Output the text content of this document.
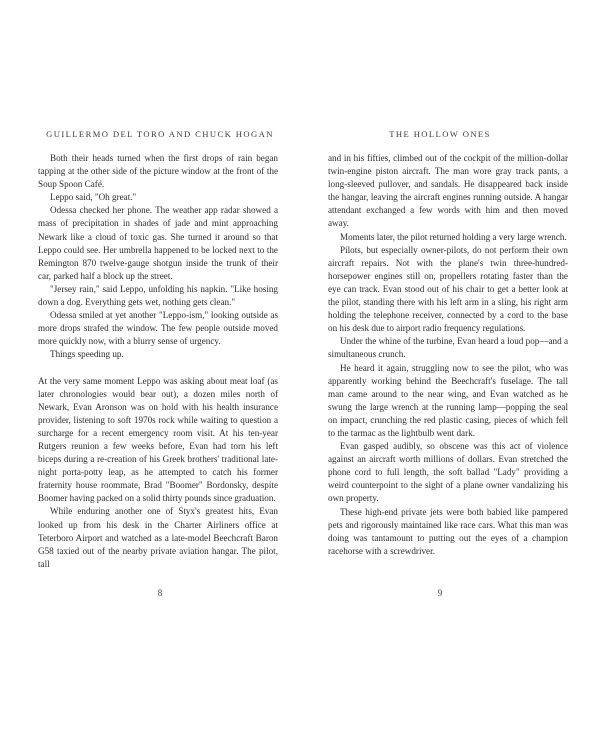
GUILLERMO DEL TORO AND CHUCK HOGAN

Both their heads turned when the first drops of rain began tapping at the other side of the picture window at the front of the Soup Spoon Café.

Leppo said, "Oh great."

Odessa checked her phone. The weather app radar showed a mass of precipitation in shades of jade and mint approaching Newark like a cloud of toxic gas. She turned it around so that Leppo could see. Her umbrella happened to be locked next to the Remington 870 twelve-gauge shotgun inside the trunk of their car, parked half a block up the street.

"Jersey rain," said Leppo, unfolding his napkin. "Like hosing down a dog. Everything gets wet, nothing gets clean."

Odessa smiled at yet another "Leppo-ism," looking outside as more drops strafed the window. The few people outside moved more quickly now, with a blurry sense of urgency.

Things speeding up.

At the very same moment Leppo was asking about meat loaf (as later chronologies would bear out), a dozen miles north of Newark, Evan Aronson was on hold with his health insurance provider, listening to soft 1970s rock while waiting to question a surcharge for a recent emergency room visit. At his ten-year Rutgers reunion a few weeks before, Evan had torn his left biceps during a re-creation of his Greek brothers' traditional late-night porta-potty leap, as he attempted to catch his former fraternity house roommate, Brad "Boomer" Bordonsky, despite Boomer having packed on a solid thirty pounds since graduation.

While enduring another one of Styx's greatest hits, Evan looked up from his desk in the Charter Airliners office at Teterboro Airport and watched as a late-model Beechcraft Baron G58 taxied out of the nearby private aviation hangar. The pilot, tall

8
THE HOLLOW ONES

and in his fifties, climbed out of the cockpit of the million-dollar twin-engine piston aircraft. The man wore gray track pants, a long-sleeved pullover, and sandals. He disappeared back inside the hangar, leaving the aircraft engines running outside. A hangar attendant exchanged a few words with him and then moved away.

Moments later, the pilot returned holding a very large wrench.

Pilots, but especially owner-pilots, do not perform their own aircraft repairs. Not with the plane's twin three-hundred-horsepower engines still on, propellers rotating faster than the eye can track. Evan stood out of his chair to get a better look at the pilot, standing there with his left arm in a sling, his right arm holding the telephone receiver, connected by a cord to the base on his desk due to airport radio frequency regulations.

Under the whine of the turbine, Evan heard a loud pop—and a simultaneous crunch.

He heard it again, struggling now to see the pilot, who was apparently working behind the Beechcraft's fuselage. The tall man came around to the near wing, and Evan watched as he swung the large wrench at the running lamp—popping the seal on impact, crunching the red plastic casing, pieces of which fell to the tarmac as the lightbulb went dark.

Evan gasped audibly, so obscene was this act of violence against an aircraft worth millions of dollars. Evan stretched the phone cord to full length, the soft ballad "Lady" providing a weird counterpoint to the sight of a plane owner vandalizing his own property.

These high-end private jets were both babied like pampered pets and rigorously maintained like race cars. What this man was doing was tantamount to putting out the eyes of a champion racehorse with a screwdriver.

9
